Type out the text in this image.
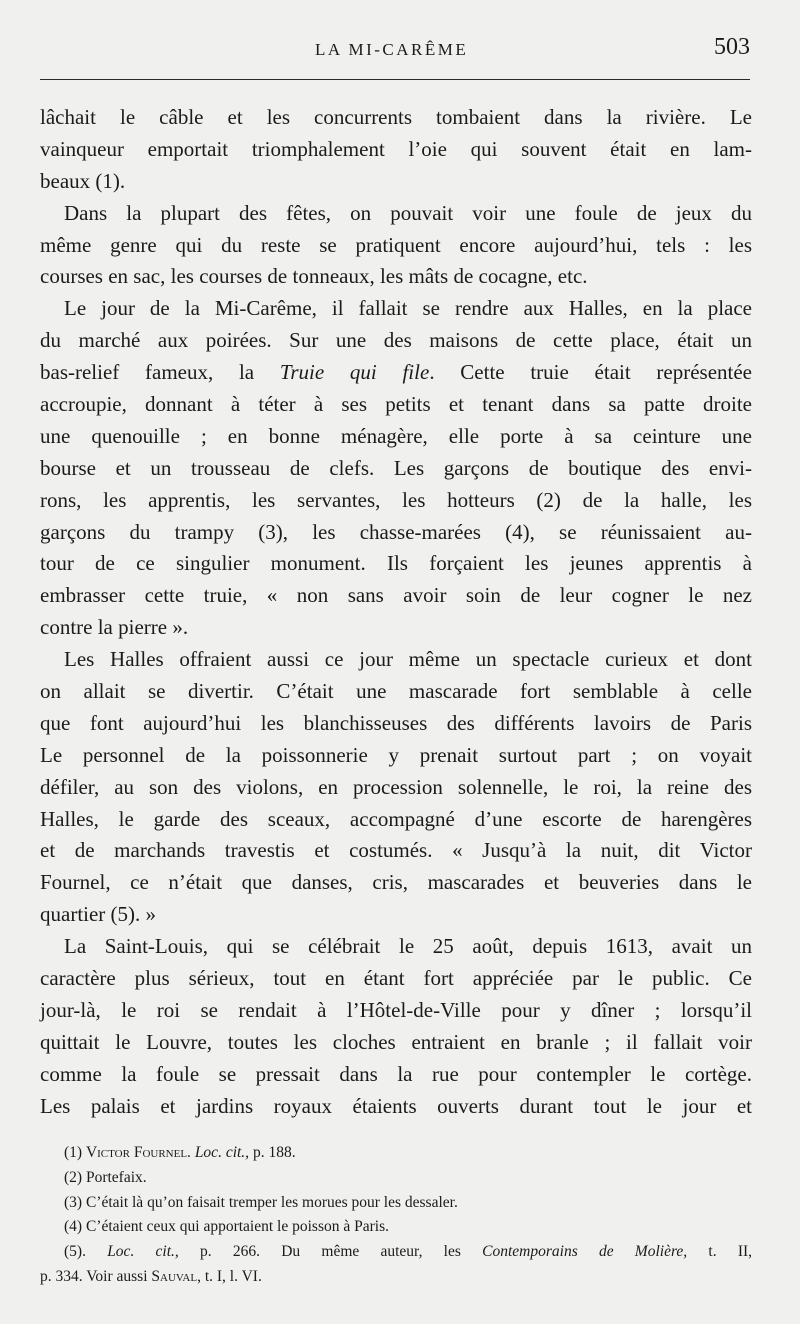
LA MI-CARÊME	503
lâchait le câble et les concurrents tombaient dans la rivière. Le
vainqueur emportait triomphalement l’oie qui souvent était en lam-
beaux (1).
Dans la plupart des fêtes, on pouvait voir une foule de jeux du
même genre qui du reste se pratiquent encore aujourd’hui, tels : les
courses en sac, les courses de tonneaux, les mâts de cocagne, etc.
Le jour de la Mi-Carême, il fallait se rendre aux Halles, en la place
du marché aux poirées. Sur une des maisons de cette place, était un
bas-relief fameux, la Truie qui file. Cette truie était représentée
accroupie, donnant à téter à ses petits et tenant dans sa patte droite
une quenouille ; en bonne ménagère, elle porte à sa ceinture une
bourse et un trousseau de clefs. Les garçons de boutique des envi-
rons, les apprentis, les servantes, les hotteurs (2) de la halle, les
garçons du trampy (3), les chasse-marées (4), se réunissaient au-
tour de ce singulier monument. Ils forçaient les jeunes apprentis à
embrasser cette truie, « non sans avoir soin de leur cogner le nez
contre la pierre ».
Les Halles offraient aussi ce jour même un spectacle curieux et dont
on allait se divertir. C’était une mascarade fort semblable à celle
que font aujourd’hui les blanchisseuses des différents lavoirs de Paris
Le personnel de la poissonnerie y prenait surtout part ; on voyait
défiler, au son des violons, en procession solennelle, le roi, la reine des
Halles, le garde des sceaux, accompagné d’une escorte de harengères
et de marchands travestis et costumés. « Jusqu’à la nuit, dit Victor
Fournel, ce n’était que danses, cris, mascarades et beuveries dans le
quartier (5). »
La Saint-Louis, qui se célébrait le 25 août, depuis 1613, avait un
caractère plus sérieux, tout en étant fort appréciée par le public. Ce
jour-là, le roi se rendait à l’Hôtel-de-Ville pour y dîner ; lorsqu’il
quittait le Louvre, toutes les cloches entraient en branle ; il fallait voir
comme la foule se pressait dans la rue pour contempler le cortège.
Les palais et jardins royaux étaients ouverts durant tout le jour et
(1) Victor Fournel. Loc. cit., p. 188.
(2) Portefaix.
(3) C’était là qu’on faisait tremper les morues pour les dessaler.
(4) C’étaient ceux qui apportaient le poisson à Paris.
(5). Loc. cit., p. 266. Du même auteur, les Contemporains de Molière, t. II,
p. 334. Voir aussi Sauval, t. I, l. VI.
